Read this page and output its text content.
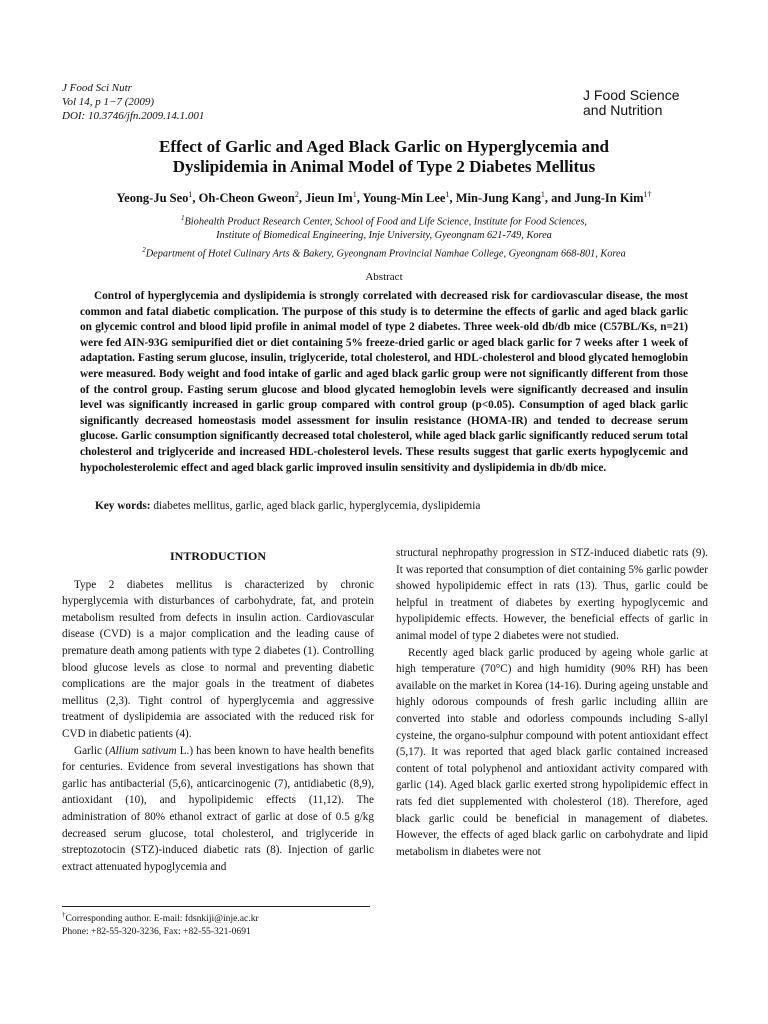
J Food Sci Nutr
Vol 14, p 1−7 (2009)
DOI: 10.3746/jfn.2009.14.1.001
J Food Science
and Nutrition
Effect of Garlic and Aged Black Garlic on Hyperglycemia and
Dyslipidemia in Animal Model of Type 2 Diabetes Mellitus
Yeong-Ju Seo$^1$, Oh-Cheon Gweon$^2$, Jieun Im$^1$, Young-Min Lee$^1$, Min-Jung Kang$^1$, and Jung-In Kim$^{1\dagger}$
$^1$Biohealth Product Research Center, School of Food and Life Science, Institute for Food Sciences,
Institute of Biomedical Engineering, Inje University, Gyeongnam 621-749, Korea
$^2$Department of Hotel Culinary Arts & Bakery, Gyeongnam Provincial Namhae College, Gyeongnam 668-801, Korea
Abstract
Control of hyperglycemia and dyslipidemia is strongly correlated with decreased risk for cardiovascular disease, the most common and fatal diabetic complication. The purpose of this study is to determine the effects of garlic and aged black garlic on glycemic control and blood lipid profile in animal model of type 2 diabetes. Three week-old db/db mice (C57BL/Ks, n=21) were fed AIN-93G semipurified diet or diet containing 5% freeze-dried garlic or aged black garlic for 7 weeks after 1 week of adaptation. Fasting serum glucose, insulin, triglyceride, total cholesterol, and HDL-cholesterol and blood glycated hemoglobin were measured. Body weight and food intake of garlic and aged black garlic group were not significantly different from those of the control group. Fasting serum glucose and blood glycated hemoglobin levels were significantly decreased and insulin level was significantly increased in garlic group compared with control group (p<0.05). Consumption of aged black garlic significantly decreased homeostasis model assessment for insulin resistance (HOMA-IR) and tended to decrease serum glucose. Garlic consumption significantly decreased total cholesterol, while aged black garlic significantly reduced serum total cholesterol and triglyceride and increased HDL-cholesterol levels. These results suggest that garlic exerts hypoglycemic and hypocholesterolemic effect and aged black garlic improved insulin sensitivity and dyslipidemia in db/db mice.
Key words: diabetes mellitus, garlic, aged black garlic, hyperglycemia, dyslipidemia
INTRODUCTION

Type 2 diabetes mellitus is characterized by chronic hyperglycemia with disturbances of carbohydrate, fat, and protein metabolism resulted from defects in insulin action. Cardiovascular disease (CVD) is a major complication and the leading cause of premature death among patients with type 2 diabetes (1). Controlling blood glucose levels as close to normal and preventing diabetic complications are the major goals in the treatment of diabetes mellitus (2,3). Tight control of hyperglycemia and aggressive treatment of dyslipidemia are associated with the reduced risk for CVD in diabetic patients (4).

Garlic (Allium sativum L.) has been known to have health benefits for centuries. Evidence from several investigations has shown that garlic has antibacterial (5,6), anticarcinogenic (7), antidiabetic (8,9), antioxidant (10), and hypolipidemic effects (11,12). The administration of 80% ethanol extract of garlic at dose of 0.5 g/kg decreased serum glucose, total cholesterol, and triglyceride in streptozotocin (STZ)-induced diabetic rats (8). Injection of garlic extract attenuated hypoglycemia and

structural nephropathy progression in STZ-induced diabetic rats (9). It was reported that consumption of diet containing 5% garlic powder showed hypolipidemic effect in rats (13). Thus, garlic could be helpful in treatment of diabetes by exerting hypoglycemic and hypolipidemic effects. However, the beneficial effects of garlic in animal model of type 2 diabetes were not studied.

Recently aged black garlic produced by ageing whole garlic at high temperature (70°C) and high humidity (90% RH) has been available on the market in Korea (14-16). During ageing unstable and highly odorous compounds of fresh garlic including alliin are converted into stable and odorless compounds including S-allyl cysteine, the organo-sulphur compound with potent antioxidant effect (5,17). It was reported that aged black garlic contained increased content of total polyphenol and antioxidant activity compared with garlic (14). Aged black garlic exerted strong hypolipidemic effect in rats fed diet supplemented with cholesterol (18). Therefore, aged black garlic could be beneficial in management of diabetes. However, the effects of aged black garlic on carbohydrate and lipid metabolism in diabetes were not

†Corresponding author. E-mail: fdsnkiji@inje.ac.kr
Phone: +82-55-320-3236, Fax: +82-55-321-0691
